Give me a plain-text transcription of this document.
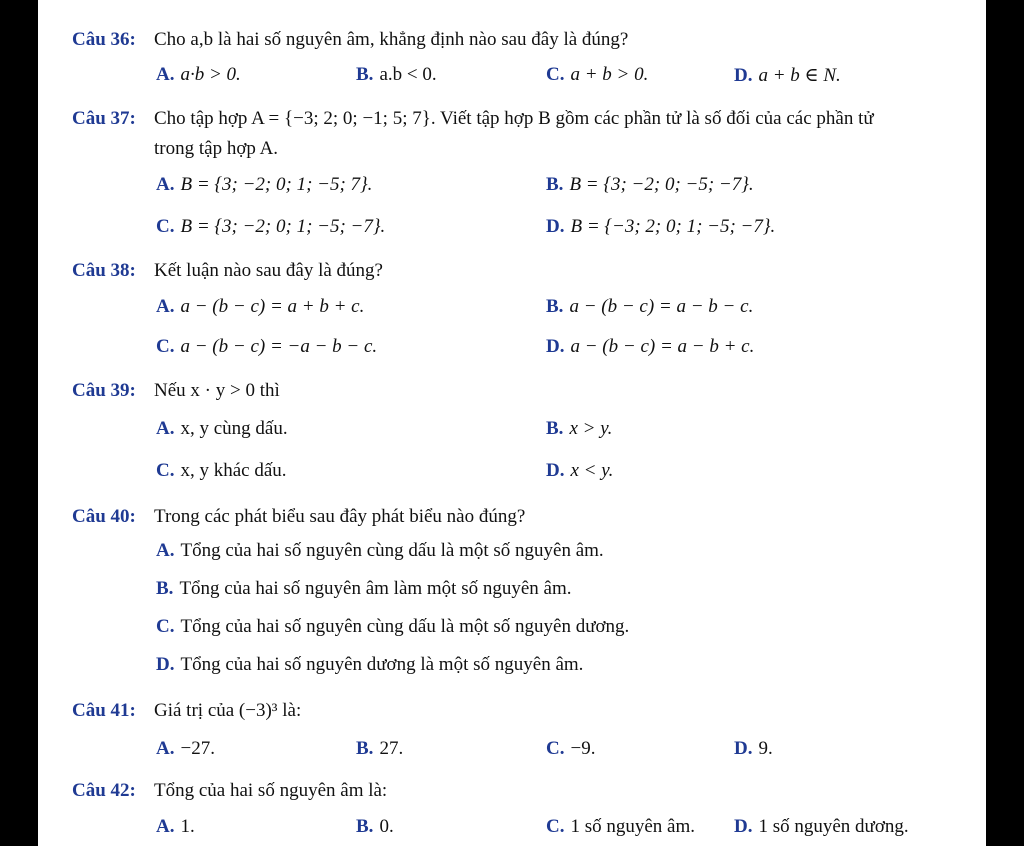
Câu 36: Cho a,b là hai số nguyên âm, khẳng định nào sau đây là đúng?
A. a·b > 0.	B. a.b < 0.	C. a + b > 0.	D. a + b ∈ N.
Câu 37: Cho tập hợp A = {−3; 2; 0; −1; 5; 7}. Viết tập hợp B gồm các phần tử là số đối của các phần tử
trong tập hợp A.
A. B = {3; −2; 0; 1; −5; 7}.	B. B = {3; −2; 0; −5; −7}.
C. B = {3; −2; 0; 1; −5; −7}.	D. B = {−3; 2; 0; 1; −5; −7}.
Câu 38: Kết luận nào sau đây là đúng?
A. a − (b − c) = a + b + c.	B. a − (b − c) = a − b − c.
C. a − (b − c) = −a − b − c.	D. a − (b − c) = a − b + c.
Câu 39: Nếu x · y > 0 thì
A. x, y cùng dấu.	B. x > y.
C. x, y khác dấu.	D. x < y.
Câu 40: Trong các phát biểu sau đây phát biểu nào đúng?
A. Tổng của hai số nguyên cùng dấu là một số nguyên âm.
B. Tổng của hai số nguyên âm làm một số nguyên âm.
C. Tổng của hai số nguyên cùng dấu là một số nguyên dương.
D. Tổng của hai số nguyên dương là một số nguyên âm.
Câu 41: Giá trị của (−3)³ là:
A. −27.	B. 27.	C. −9.	D. 9.
Câu 42: Tổng của hai số nguyên âm là:
A. 1.	B. 0.	C. 1 số nguyên âm. D. 1 số nguyên dương.
